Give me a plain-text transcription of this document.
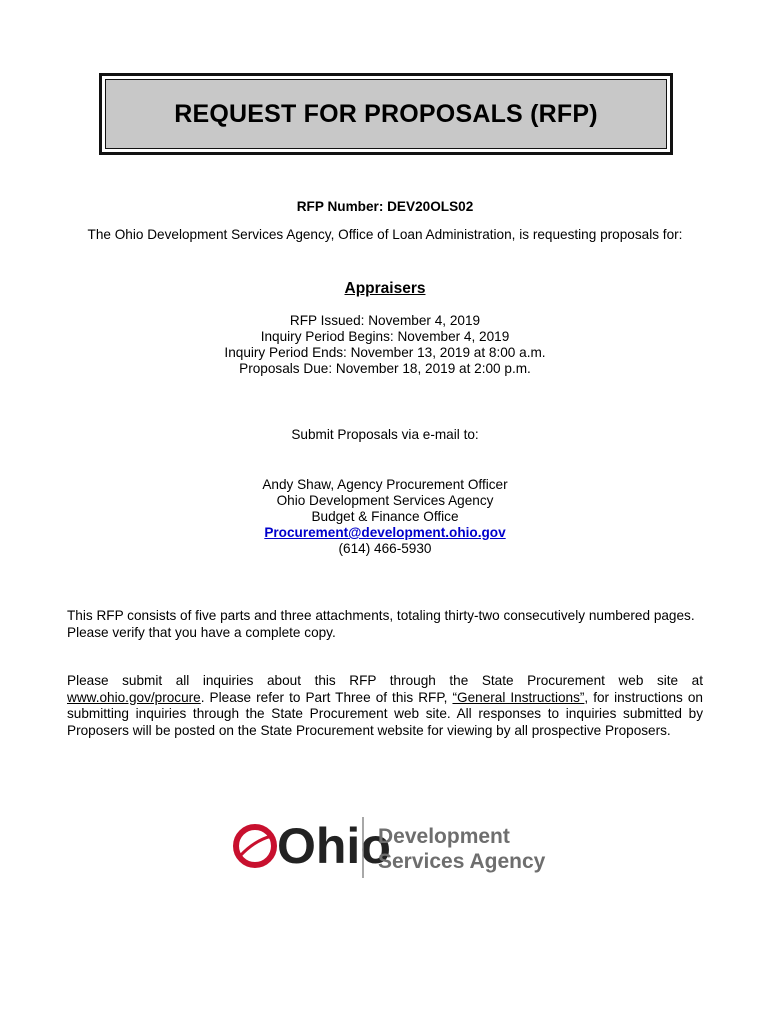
REQUEST FOR PROPOSALS (RFP)
RFP Number: DEV20OLS02
The Ohio Development Services Agency, Office of Loan Administration, is requesting proposals for:
Appraisers
RFP Issued: November 4, 2019
Inquiry Period Begins: November 4, 2019
Inquiry Period Ends: November 13, 2019 at 8:00 a.m.
Proposals Due: November 18, 2019 at 2:00 p.m.
Submit Proposals via e-mail to:
Andy Shaw, Agency Procurement Officer
Ohio Development Services Agency
Budget & Finance Office
Procurement@development.ohio.gov
(614) 466-5930
This RFP consists of five parts and three attachments, totaling thirty-two consecutively numbered pages.
Please verify that you have a complete copy.
Please submit all inquiries about this RFP through the State Procurement web site at
www.ohio.gov/procure. Please refer to Part Three of this RFP, “General Instructions”, for instructions on
submitting inquiries through the State Procurement web site. All responses to inquiries submitted by
Proposers will be posted on the State Procurement website for viewing by all prospective Proposers.
Ohio
Development
Services Agency
